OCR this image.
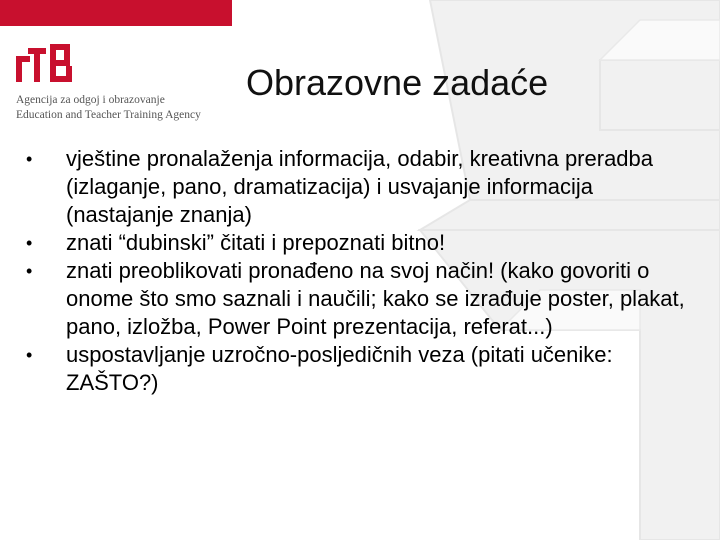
Agencija za odgoj i obrazovanje
Education and Teacher Training Agency
Obrazovne zadaće
•	vještine pronalaženja informacija, odabir, kreativna preradba (izlaganje, pano, dramatizacija) i usvajanje informacija (nastajanje znanja)
•	znati “dubinski” čitati i prepoznati bitno!
•	znati preoblikovati pronađeno na svoj način! (kako govoriti o onome što smo saznali i naučili; kako se izrađuje poster, plakat, pano, izložba, Power Point prezentacija, referat...)
•	uspostavljanje uzročno-posljedičnih veza (pitati učenike: ZAŠTO?)
